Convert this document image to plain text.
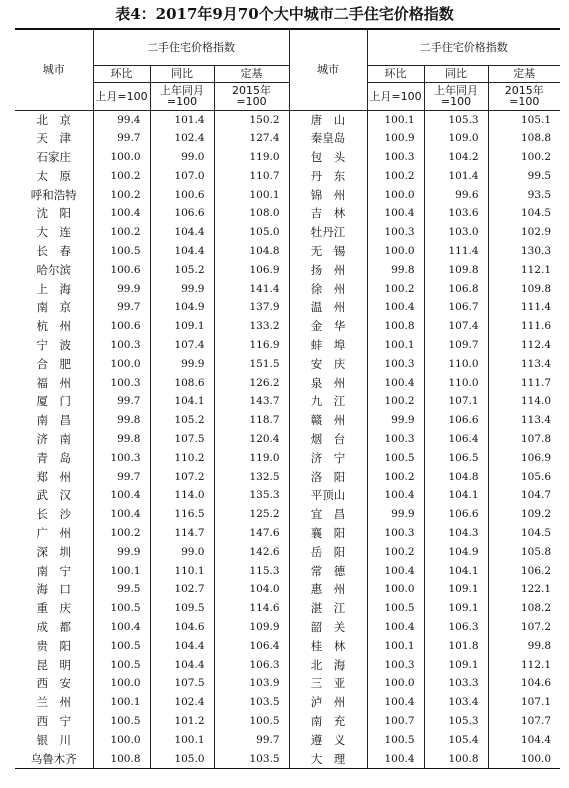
表4：2017年9月70个大中城市二手住宅价格指数
城市	二手住宅价格指数			城市	二手住宅价格指数		
	环比	同比	定基		环比	同比	定基
	上月=100	上年同月=100	2015年=100		上月=100	上年同月=100	2015年=100
北　京	99.4	101.4	150.2	唐　山	100.1	105.3	105.1
天　津	99.7	102.4	127.4	秦皇岛	100.9	109.0	108.8
石家庄	100.0	99.0	119.0	包　头	100.3	104.2	100.2
太　原	100.2	107.0	110.7	丹　东	100.2	101.4	99.5
呼和浩特	100.2	100.6	100.1	锦　州	100.0	99.6	93.5
沈　阳	100.4	106.6	108.0	吉　林	100.4	103.6	104.5
大　连	100.2	104.4	105.0	牡丹江	100.3	103.0	102.9
长　春	100.5	104.4	104.8	无　锡	100.0	111.4	130.3
哈尔滨	100.6	105.2	106.9	扬　州	99.8	109.8	112.1
上　海	99.9	99.9	141.4	徐　州	100.2	106.8	109.8
南　京	99.7	104.9	137.9	温　州	100.4	106.7	111.4
杭　州	100.6	109.1	133.2	金　华	100.8	107.4	111.6
宁　波	100.3	107.4	116.9	蚌　埠	100.1	109.7	112.4
合　肥	100.0	99.9	151.5	安　庆	100.3	110.0	113.4
福　州	100.3	108.6	126.2	泉　州	100.4	110.0	111.7
厦　门	99.7	104.1	143.7	九　江	100.2	107.1	114.0
南　昌	99.8	105.2	118.7	赣　州	99.9	106.6	113.4
济　南	99.8	107.5	120.4	烟　台	100.3	106.4	107.8
青　岛	100.3	110.2	119.0	济　宁	100.5	106.5	106.9
郑　州	99.7	107.2	132.5	洛　阳	100.2	104.8	105.6
武　汉	100.4	114.0	135.3	平顶山	100.4	104.1	104.7
长　沙	100.4	116.5	125.2	宜　昌	99.9	106.6	109.2
广　州	100.2	114.7	147.6	襄　阳	100.3	104.3	104.5
深　圳	99.9	99.0	142.6	岳　阳	100.2	104.9	105.8
南　宁	100.1	110.1	115.3	常　德	100.4	104.1	106.2
海　口	99.5	102.7	104.0	惠　州	100.0	109.1	122.1
重　庆	100.5	109.5	114.6	湛　江	100.5	109.1	108.2
成　都	100.4	104.6	109.9	韶　关	100.4	106.3	107.2
贵　阳	100.5	104.4	106.4	桂　林	100.1	101.8	99.8
昆　明	100.5	104.4	106.3	北　海	100.3	109.1	112.1
西　安	100.0	107.5	103.9	三　亚	100.0	103.3	104.6
兰　州	100.1	102.4	103.5	泸　州	100.4	103.4	107.1
西　宁	100.5	101.2	100.5	南　充	100.7	105.3	107.7
银　川	100.0	100.1	99.7	遵　义	100.5	105.4	104.4
乌鲁木齐	100.8	105.0	103.5	大　理	100.4	100.8	100.0
